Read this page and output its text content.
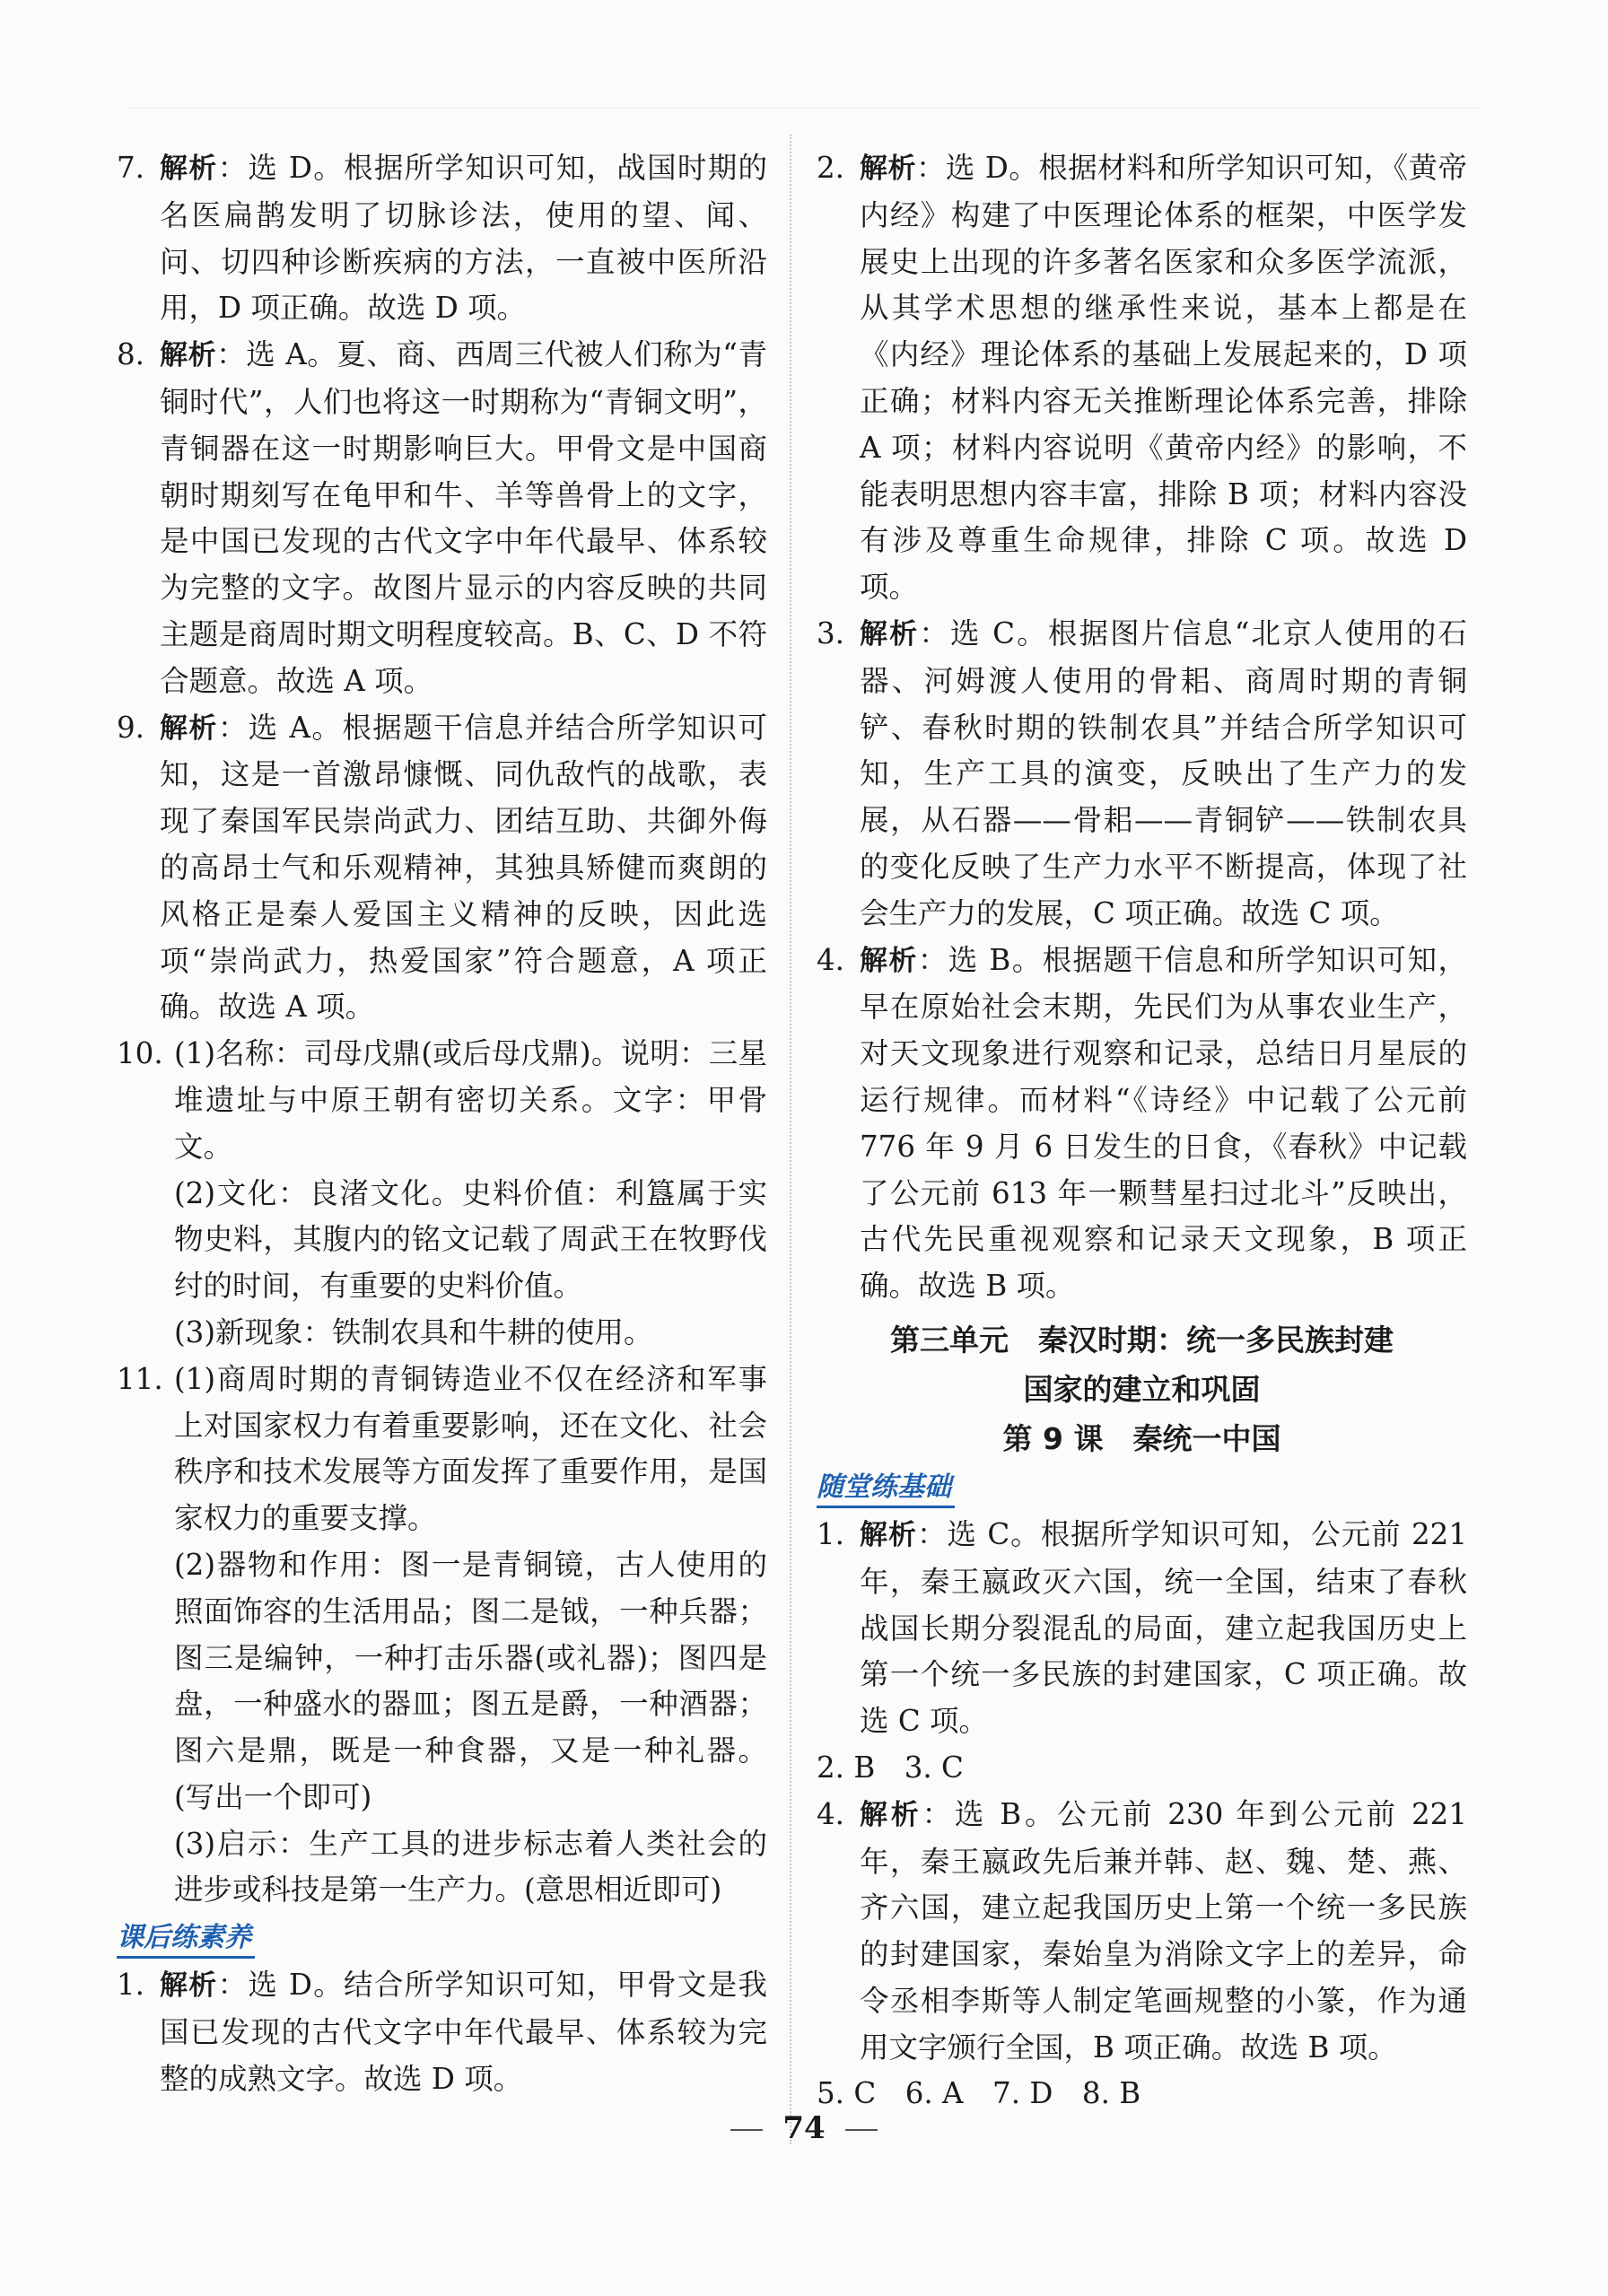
7. 解析：选 D。根据所学知识可知，战国时期的名医扁鹊发明了切脉诊法，使用的望、闻、问、切四种诊断疾病的方法，一直被中医所沿用，D 项正确。故选 D 项。
8. 解析：选 A。夏、商、西周三代被人们称为“青铜时代”，人们也将这一时期称为“青铜文明”，青铜器在这一时期影响巨大。甲骨文是中国商朝时期刻写在龟甲和牛、羊等兽骨上的文字，是中国已发现的古代文字中年代最早、体系较为完整的文字。故图片显示的内容反映的共同主题是商周时期文明程度较高。B、C、D 不符合题意。故选 A 项。
9. 解析：选 A。根据题干信息并结合所学知识可知，这是一首激昂慷慨、同仇敌忾的战歌，表现了秦国军民崇尚武力、团结互助、共御外侮的高昂士气和乐观精神，其独具矫健而爽朗的风格正是秦人爱国主义精神的反映，因此选项“崇尚武力，热爱国家”符合题意，A 项正确。故选 A 项。
10. (1)名称：司母戊鼎(或后母戊鼎)。说明：三星堆遗址与中原王朝有密切关系。文字：甲骨文。
(2)文化：良渚文化。史料价值：利簋属于实物史料，其腹内的铭文记载了周武王在牧野伐纣的时间，有重要的史料价值。
(3)新现象：铁制农具和牛耕的使用。
11. (1)商周时期的青铜铸造业不仅在经济和军事上对国家权力有着重要影响，还在文化、社会秩序和技术发展等方面发挥了重要作用，是国家权力的重要支撑。
(2)器物和作用：图一是青铜镜，古人使用的照面饰容的生活用品；图二是钺，一种兵器；图三是编钟，一种打击乐器(或礼器)；图四是盘，一种盛水的器皿；图五是爵，一种酒器；图六是鼎，既是一种食器，又是一种礼器。(写出一个即可)
(3)启示：生产工具的进步标志着人类社会的进步或科技是第一生产力。(意思相近即可)
课后练素养
1. 解析：选 D。结合所学知识可知，甲骨文是我国已发现的古代文字中年代最早、体系较为完整的成熟文字。故选 D 项。
2. 解析：选 D。根据材料和所学知识可知，《黄帝内经》构建了中医理论体系的框架，中医学发展史上出现的许多著名医家和众多医学流派，从其学术思想的继承性来说，基本上都是在《内经》理论体系的基础上发展起来的，D 项正确；材料内容无关推断理论体系完善，排除 A 项；材料内容说明《黄帝内经》的影响，不能表明思想内容丰富，排除 B 项；材料内容没有涉及尊重生命规律，排除 C 项。故选 D 项。
3. 解析：选 C。根据图片信息“北京人使用的石器、河姆渡人使用的骨耜、商周时期的青铜铲、春秋时期的铁制农具”并结合所学知识可知，生产工具的演变，反映出了生产力的发展，从石器——骨耜——青铜铲——铁制农具的变化反映了生产力水平不断提高，体现了社会生产力的发展，C 项正确。故选 C 项。
4. 解析：选 B。根据题干信息和所学知识可知，早在原始社会末期，先民们为从事农业生产，对天文现象进行观察和记录，总结日月星辰的运行规律。而材料“《诗经》中记载了公元前 776 年 9 月 6 日发生的日食，《春秋》中记载了公元前 613 年一颗彗星扫过北斗”反映出，古代先民重视观察和记录天文现象，B 项正确。故选 B 项。
第三单元　秦汉时期：统一多民族封建
国家的建立和巩固
第 9 课　秦统一中国
随堂练基础
1. 解析：选 C。根据所学知识可知，公元前 221 年，秦王嬴政灭六国，统一全国，结束了春秋战国长期分裂混乱的局面，建立起我国历史上第一个统一多民族的封建国家，C 项正确。故选 C 项。
2. B　3. C
4. 解析：选 B。公元前 230 年到公元前 221 年，秦王嬴政先后兼并韩、赵、魏、楚、燕、齐六国，建立起我国历史上第一个统一多民族的封建国家，秦始皇为消除文字上的差异，命令丞相李斯等人制定笔画规整的小篆，作为通用文字颁行全国，B 项正确。故选 B 项。
5. C　6. A　7. D　8. B
74
